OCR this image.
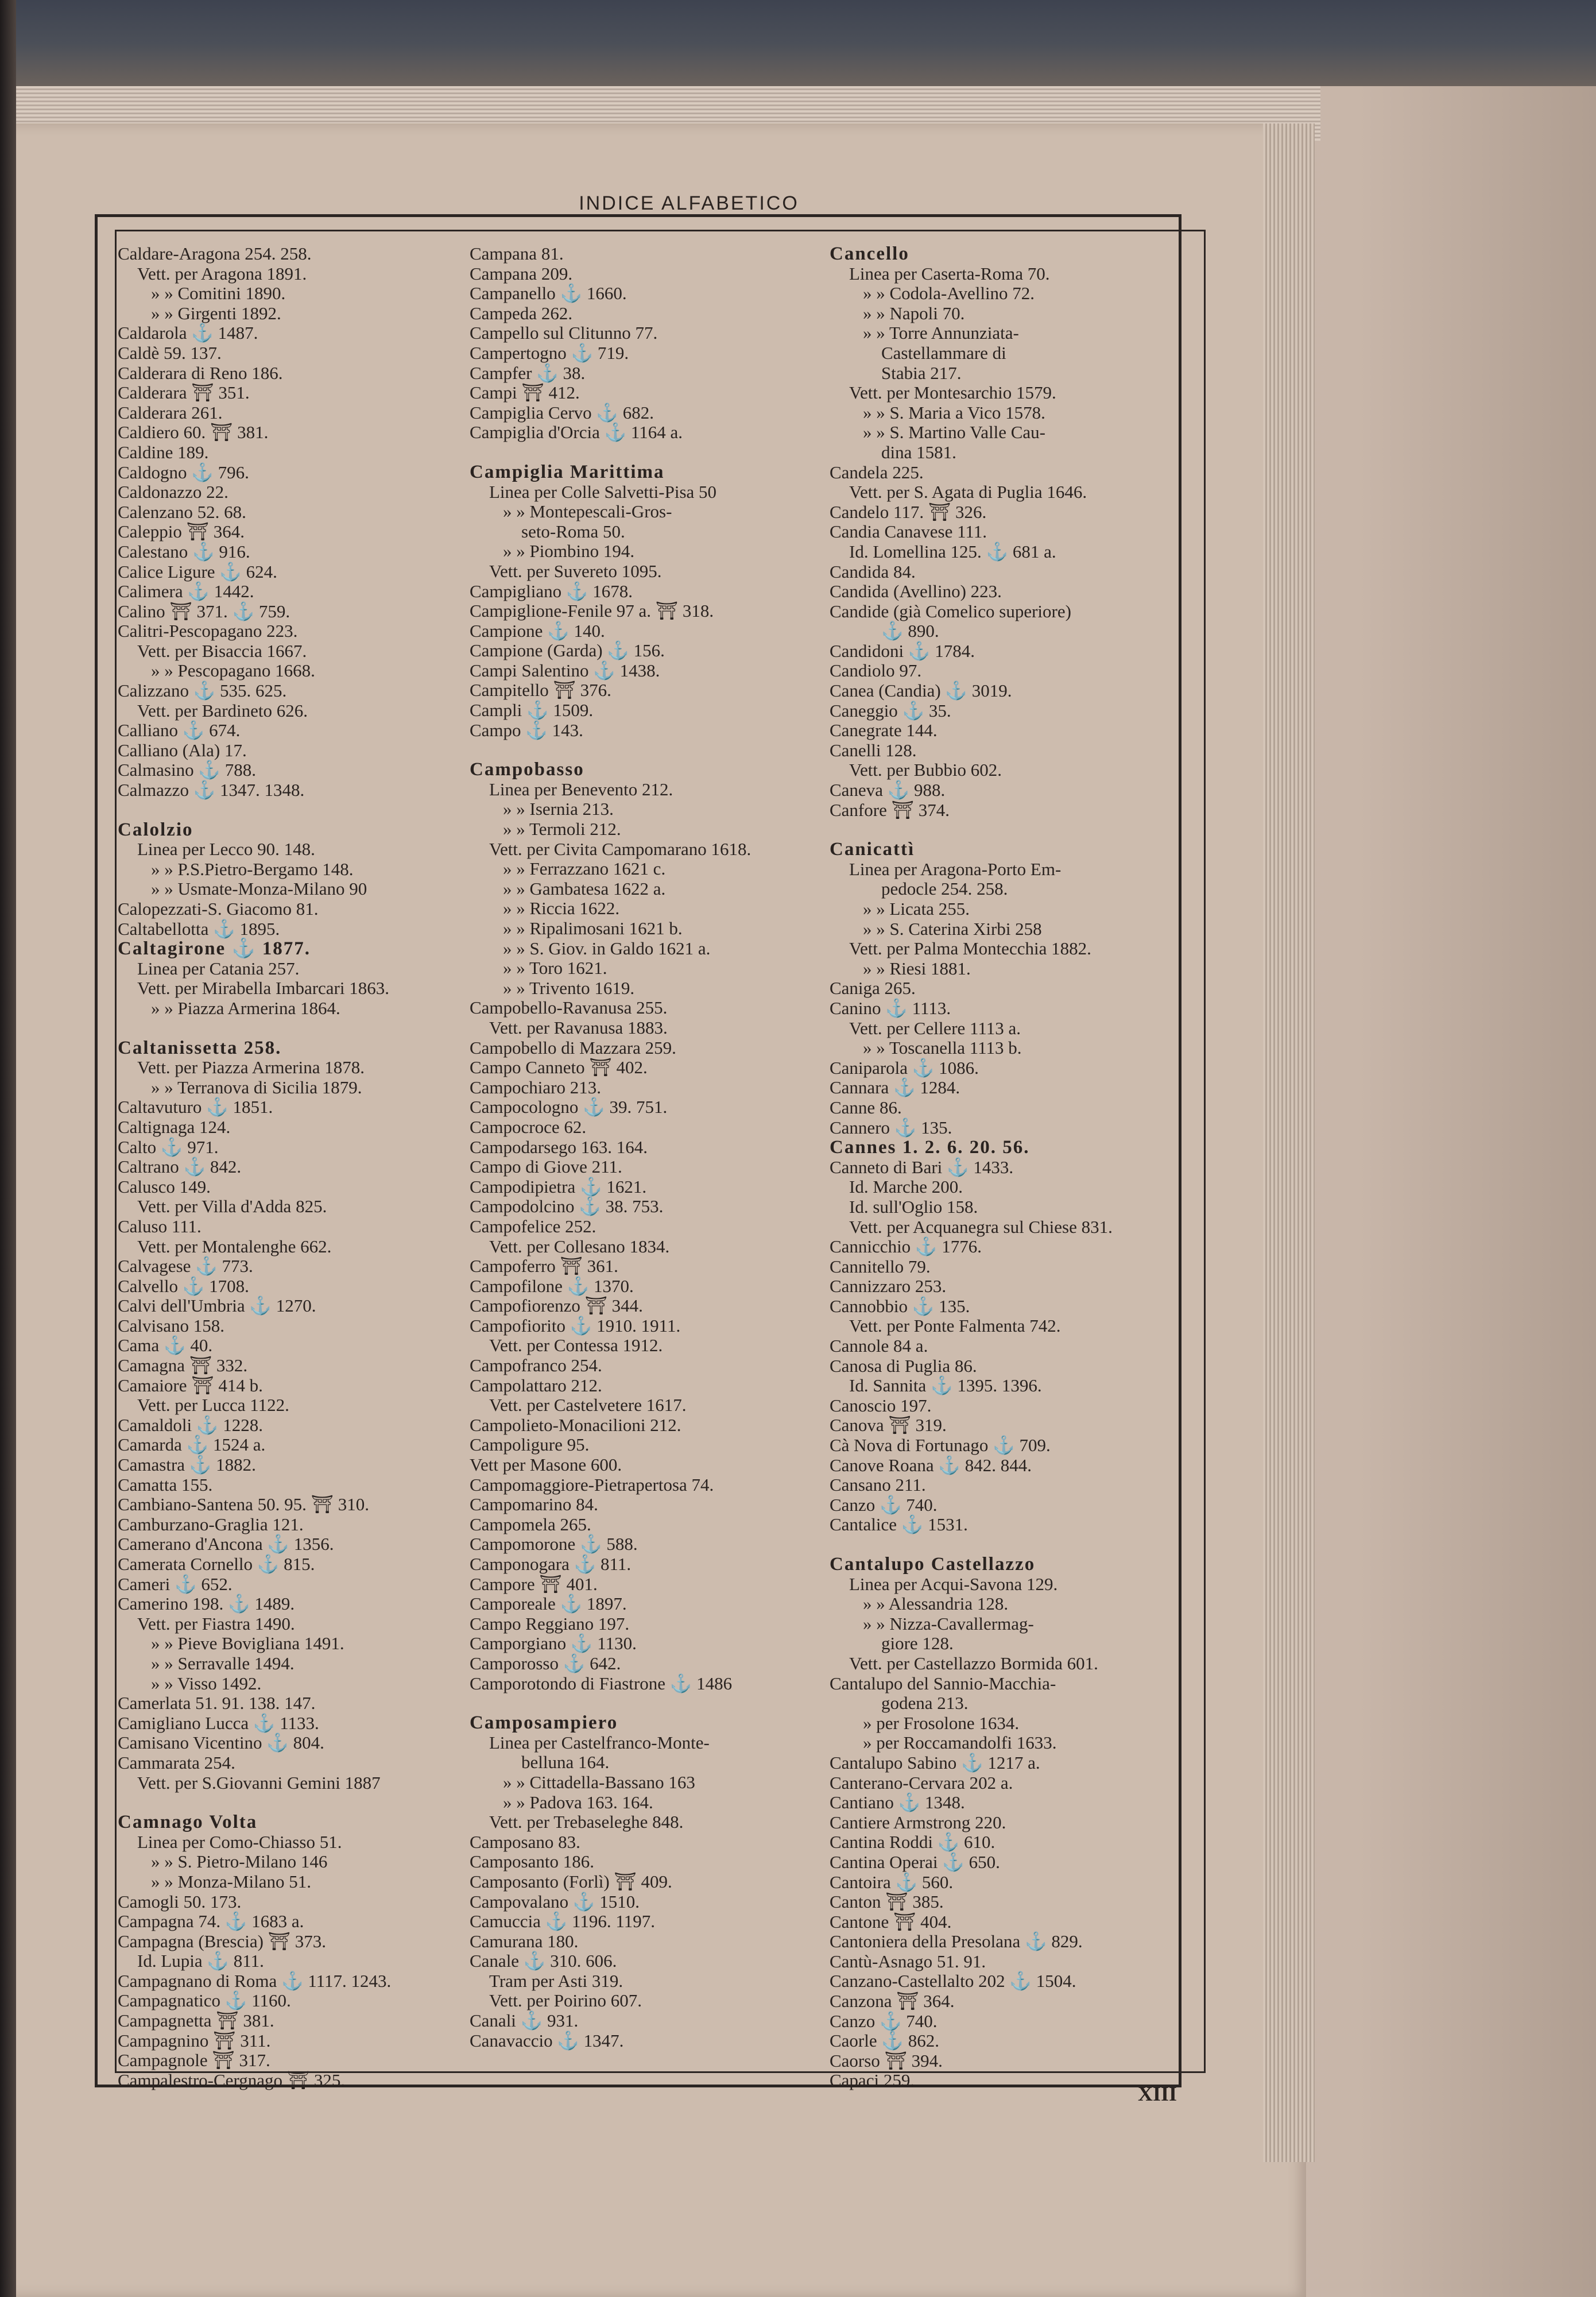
INDICE ALFABETICO
Caldare-Aragona 254. 258.
Vett. per Aragona 1891.
» » Comitini 1890.
» » Girgenti 1892.
Caldarola ⚓ 1487.
Caldè 59. 137.
Calderara di Reno 186.
Calderara ⛩ 351.
Calderara 261.
Caldiero 60. ⛩ 381.
Caldine 189.
Caldogno ⚓ 796.
Caldonazzo 22.
Calenzano 52. 68.
Caleppio ⛩ 364.
Calestano ⚓ 916.
Calice Ligure ⚓ 624.
Calimera ⚓ 1442.
Calino ⛩ 371. ⚓ 759.
Calitri-Pescopagano 223.
Vett. per Bisaccia 1667.
» » Pescopagano 1668.
Calizzano ⚓ 535. 625.
Vett. per Bardineto 626.
Calliano ⚓ 674.
Calliano (Ala) 17.
Calmasino ⚓ 788.
Calmazzo ⚓ 1347. 1348.
Calolzio
Linea per Lecco 90. 148.
» » P.S.Pietro-Bergamo 148.
» » Usmate-Monza-Milano 90
Calopezzati-S. Giacomo 81.
Caltabellotta ⚓ 1895.
Caltagirone ⚓ 1877.
Linea per Catania 257.
Vett. per Mirabella Imbarcari 1863.
» » Piazza Armerina 1864.
Caltanissetta 258.
Vett. per Piazza Armerina 1878.
» » Terranova di Sicilia 1879.
Caltavuturo ⚓ 1851.
Caltignaga 124.
Calto ⚓ 971.
Caltrano ⚓ 842.
Calusco 149.
Vett. per Villa d'Adda 825.
Caluso 111.
Vett. per Montalenghe 662.
Calvagese ⚓ 773.
Calvello ⚓ 1708.
Calvi dell'Umbria ⚓ 1270.
Calvisano 158.
Cama ⚓ 40.
Camagna ⛩ 332.
Camaiore ⛩ 414 b.
Vett. per Lucca 1122.
Camaldoli ⚓ 1228.
Camarda ⚓ 1524 a.
Camastra ⚓ 1882.
Camatta 155.
Cambiano-Santena 50. 95. ⛩ 310.
Camburzano-Graglia 121.
Camerano d'Ancona ⚓ 1356.
Camerata Cornello ⚓ 815.
Cameri ⚓ 652.
Camerino 198. ⚓ 1489.
Vett. per Fiastra 1490.
» » Pieve Bovigliana 1491.
» » Serravalle 1494.
» » Visso 1492.
Camerlata 51. 91. 138. 147.
Camigliano Lucca ⚓ 1133.
Camisano Vicentino ⚓ 804.
Cammarata 254.
Vett. per S.Giovanni Gemini 1887
Camnago Volta
Linea per Como-Chiasso 51.
» » S. Pietro-Milano 146
» » Monza-Milano 51.
Camogli 50. 173.
Campagna 74. ⚓ 1683 a.
Campagna (Brescia) ⛩ 373.
Id. Lupia ⚓ 811.
Campagnano di Roma ⚓ 1117. 1243.
Campagnatico ⚓ 1160.
Campagnetta ⛩ 381.
Campagnino ⛩ 311.
Campagnole ⛩ 317.
Campalestro-Cergnago ⛩ 325.
Campana 81.
Campana 209.
Campanello ⚓ 1660.
Campeda 262.
Campello sul Clitunno 77.
Campertogno ⚓ 719.
Campfer ⚓ 38.
Campi ⛩ 412.
Campiglia Cervo ⚓ 682.
Campiglia d'Orcia ⚓ 1164 a.
Campiglia Marittima
Linea per Colle Salvetti-Pisa 50
» » Montepescali-Gros-
seto-Roma 50.
» » Piombino 194.
Vett. per Suvereto 1095.
Campigliano ⚓ 1678.
Campiglione-Fenile 97 a. ⛩ 318.
Campione ⚓ 140.
Campione (Garda) ⚓ 156.
Campi Salentino ⚓ 1438.
Campitello ⛩ 376.
Campli ⚓ 1509.
Campo ⚓ 143.
Campobasso
Linea per Benevento 212.
» » Isernia 213.
» » Termoli 212.
Vett. per Civita Campomarano 1618.
» » Ferrazzano 1621 c.
» » Gambatesa 1622 a.
» » Riccia 1622.
» » Ripalimosani 1621 b.
» » S. Giov. in Galdo 1621 a.
» » Toro 1621.
» » Trivento 1619.
Campobello-Ravanusa 255.
Vett. per Ravanusa 1883.
Campobello di Mazzara 259.
Campo Canneto ⛩ 402.
Campochiaro 213.
Campocologno ⚓ 39. 751.
Campocroce 62.
Campodarsego 163. 164.
Campo di Giove 211.
Campodipietra ⚓ 1621.
Campodolcino ⚓ 38. 753.
Campofelice 252.
Vett. per Collesano 1834.
Campoferro ⛩ 361.
Campofilone ⚓ 1370.
Campofiorenzo ⛩ 344.
Campofiorito ⚓ 1910. 1911.
Vett. per Contessa 1912.
Campofranco 254.
Campolattaro 212.
Vett. per Castelvetere 1617.
Campolieto-Monacilioni 212.
Campoligure 95.
Vett per Masone 600.
Campomaggiore-Pietrapertosa 74.
Campomarino 84.
Campomela 265.
Campomorone ⚓ 588.
Camponogara ⚓ 811.
Campore ⛩ 401.
Camporeale ⚓ 1897.
Campo Reggiano 197.
Camporgiano ⚓ 1130.
Camporosso ⚓ 642.
Camporotondo di Fiastrone ⚓ 1486
Camposampiero
Linea per Castelfranco-Monte-
belluna 164.
» » Cittadella-Bassano 163
» » Padova 163. 164.
Vett. per Trebaseleghe 848.
Camposano 83.
Camposanto 186.
Camposanto (Forlì) ⛩ 409.
Campovalano ⚓ 1510.
Camuccia ⚓ 1196. 1197.
Camurana 180.
Canale ⚓ 310. 606.
Tram per Asti 319.
Vett. per Poirino 607.
Canali ⚓ 931.
Canavaccio ⚓ 1347.
Cancello
Linea per Caserta-Roma 70.
» » Codola-Avellino 72.
» » Napoli 70.
» » Torre Annunziata-
Castellammare di
Stabia 217.
Vett. per Montesarchio 1579.
» » S. Maria a Vico 1578.
» » S. Martino Valle Cau-
dina 1581.
Candela 225.
Vett. per S. Agata di Puglia 1646.
Candelo 117. ⛩ 326.
Candia Canavese 111.
Id. Lomellina 125. ⚓ 681 a.
Candida 84.
Candida (Avellino) 223.
Candide (già Comelico superiore)
⚓ 890.
Candidoni ⚓ 1784.
Candiolo 97.
Canea (Candia) ⚓ 3019.
Caneggio ⚓ 35.
Canegrate 144.
Canelli 128.
Vett. per Bubbio 602.
Caneva ⚓ 988.
Canfore ⛩ 374.
Canicattì
Linea per Aragona-Porto Em-
pedocle 254. 258.
» » Licata 255.
» » S. Caterina Xirbi 258
Vett. per Palma Montecchia 1882.
» » Riesi 1881.
Caniga 265.
Canino ⚓ 1113.
Vett. per Cellere 1113 a.
» » Toscanella 1113 b.
Caniparola ⚓ 1086.
Cannara ⚓ 1284.
Canne 86.
Cannero ⚓ 135.
Cannes 1. 2. 6. 20. 56.
Canneto di Bari ⚓ 1433.
Id. Marche 200.
Id. sull'Oglio 158.
Vett. per Acquanegra sul Chiese 831.
Cannicchio ⚓ 1776.
Cannitello 79.
Cannizzaro 253.
Cannobbio ⚓ 135.
Vett. per Ponte Falmenta 742.
Cannole 84 a.
Canosa di Puglia 86.
Id. Sannita ⚓ 1395. 1396.
Canoscio 197.
Canova ⛩ 319.
Cà Nova di Fortunago ⚓ 709.
Canove Roana ⚓ 842. 844.
Cansano 211.
Canzo ⚓ 740.
Cantalice ⚓ 1531.
Cantalupo Castellazzo
Linea per Acqui-Savona 129.
» » Alessandria 128.
» » Nizza-Cavallermag-
giore 128.
Vett. per Castellazzo Bormida 601.
Cantalupo del Sannio-Macchia-
godena 213.
» per Frosolone 1634.
» per Roccamandolfi 1633.
Cantalupo Sabino ⚓ 1217 a.
Canterano-Cervara 202 a.
Cantiano ⚓ 1348.
Cantiere Armstrong 220.
Cantina Roddi ⚓ 610.
Cantina Operai ⚓ 650.
Cantoira ⚓ 560.
Canton ⛩ 385.
Cantone ⛩ 404.
Cantoniera della Presolana ⚓ 829.
Cantù-Asnago 51. 91.
Canzano-Castellalto 202 ⚓ 1504.
Canzona ⛩ 364.
Canzo ⚓ 740.
Caorle ⚓ 862.
Caorso ⛩ 394.
Capaci 259.
XIII
